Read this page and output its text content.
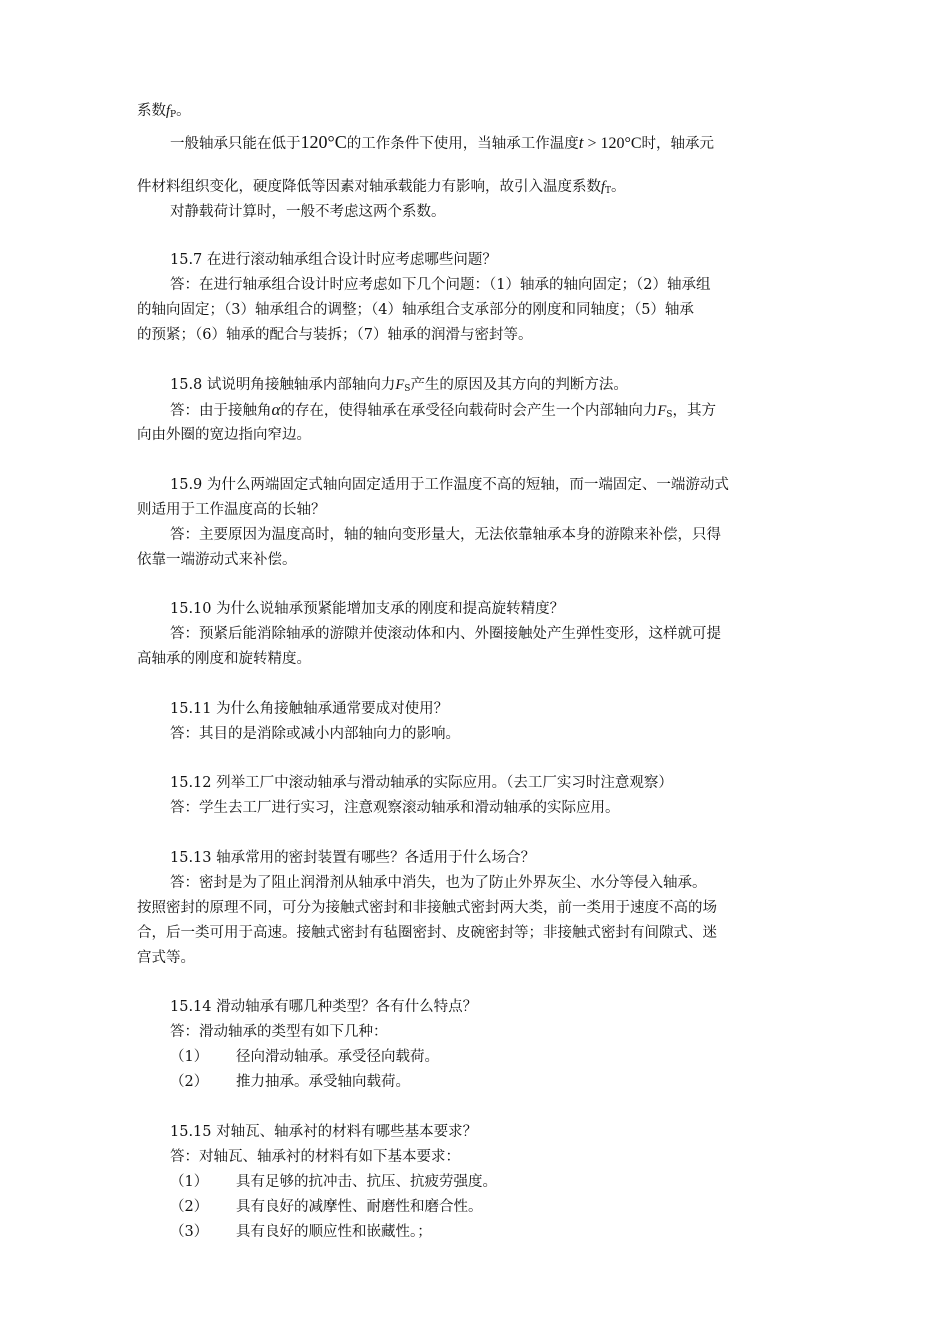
系数$f_P$。
一般轴承只能在低于120°C的工作条件下使用，当轴承工作温度t > 120°C时，轴承元
件材料组织变化，硬度降低等因素对轴承载能力有影响，故引入温度系数$f_T$。
对静载荷计算时，一般不考虑这两个系数。
15.7 在进行滚动轴承组合设计时应考虑哪些问题？
答：在进行轴承组合设计时应考虑如下几个问题：（1）轴承的轴向固定；（2）轴承组
的轴向固定；（3）轴承组合的调整；（4）轴承组合支承部分的刚度和同轴度；（5）轴承
的预紧；（6）轴承的配合与装拆；（7）轴承的润滑与密封等。
15.8 试说明角接触轴承内部轴向力$F_S$产生的原因及其方向的判断方法。
答：由于接触角α的存在，使得轴承在承受径向载荷时会产生一个内部轴向力$F_S$，其方
向由外圈的宽边指向窄边。
15.9 为什么两端固定式轴向固定适用于工作温度不高的短轴，而一端固定、一端游动式
则适用于工作温度高的长轴？
答：主要原因为温度高时，轴的轴向变形量大，无法依靠轴承本身的游隙来补偿，只得
依靠一端游动式来补偿。
15.10 为什么说轴承预紧能增加支承的刚度和提高旋转精度？
答：预紧后能消除轴承的游隙并使滚动体和内、外圈接触处产生弹性变形，这样就可提
高轴承的刚度和旋转精度。
15.11 为什么角接触轴承通常要成对使用？
答：其目的是消除或减小内部轴向力的影响。
15.12 列举工厂中滚动轴承与滑动轴承的实际应用。（去工厂实习时注意观察）
答：学生去工厂进行实习，注意观察滚动轴承和滑动轴承的实际应用。
15.13 轴承常用的密封装置有哪些？各适用于什么场合？
答：密封是为了阻止润滑剂从轴承中消失，也为了防止外界灰尘、水分等侵入轴承。
按照密封的原理不同，可分为接触式密封和非接触式密封两大类，前一类用于速度不高的场
合，后一类可用于高速。接触式密封有毡圈密封、皮碗密封等；非接触式密封有间隙式、迷
宫式等。
15.14 滑动轴承有哪几种类型？各有什么特点？
答：滑动轴承的类型有如下几种：
（1） 径向滑动轴承。承受径向载荷。
（2） 推力抽承。承受轴向载荷。
15.15 对轴瓦、轴承衬的材料有哪些基本要求？
答：对轴瓦、轴承衬的材料有如下基本要求：
（1） 具有足够的抗冲击、抗压、抗疲劳强度。
（2） 具有良好的减摩性、耐磨性和磨合性。
（3） 具有良好的顺应性和嵌藏性。；
